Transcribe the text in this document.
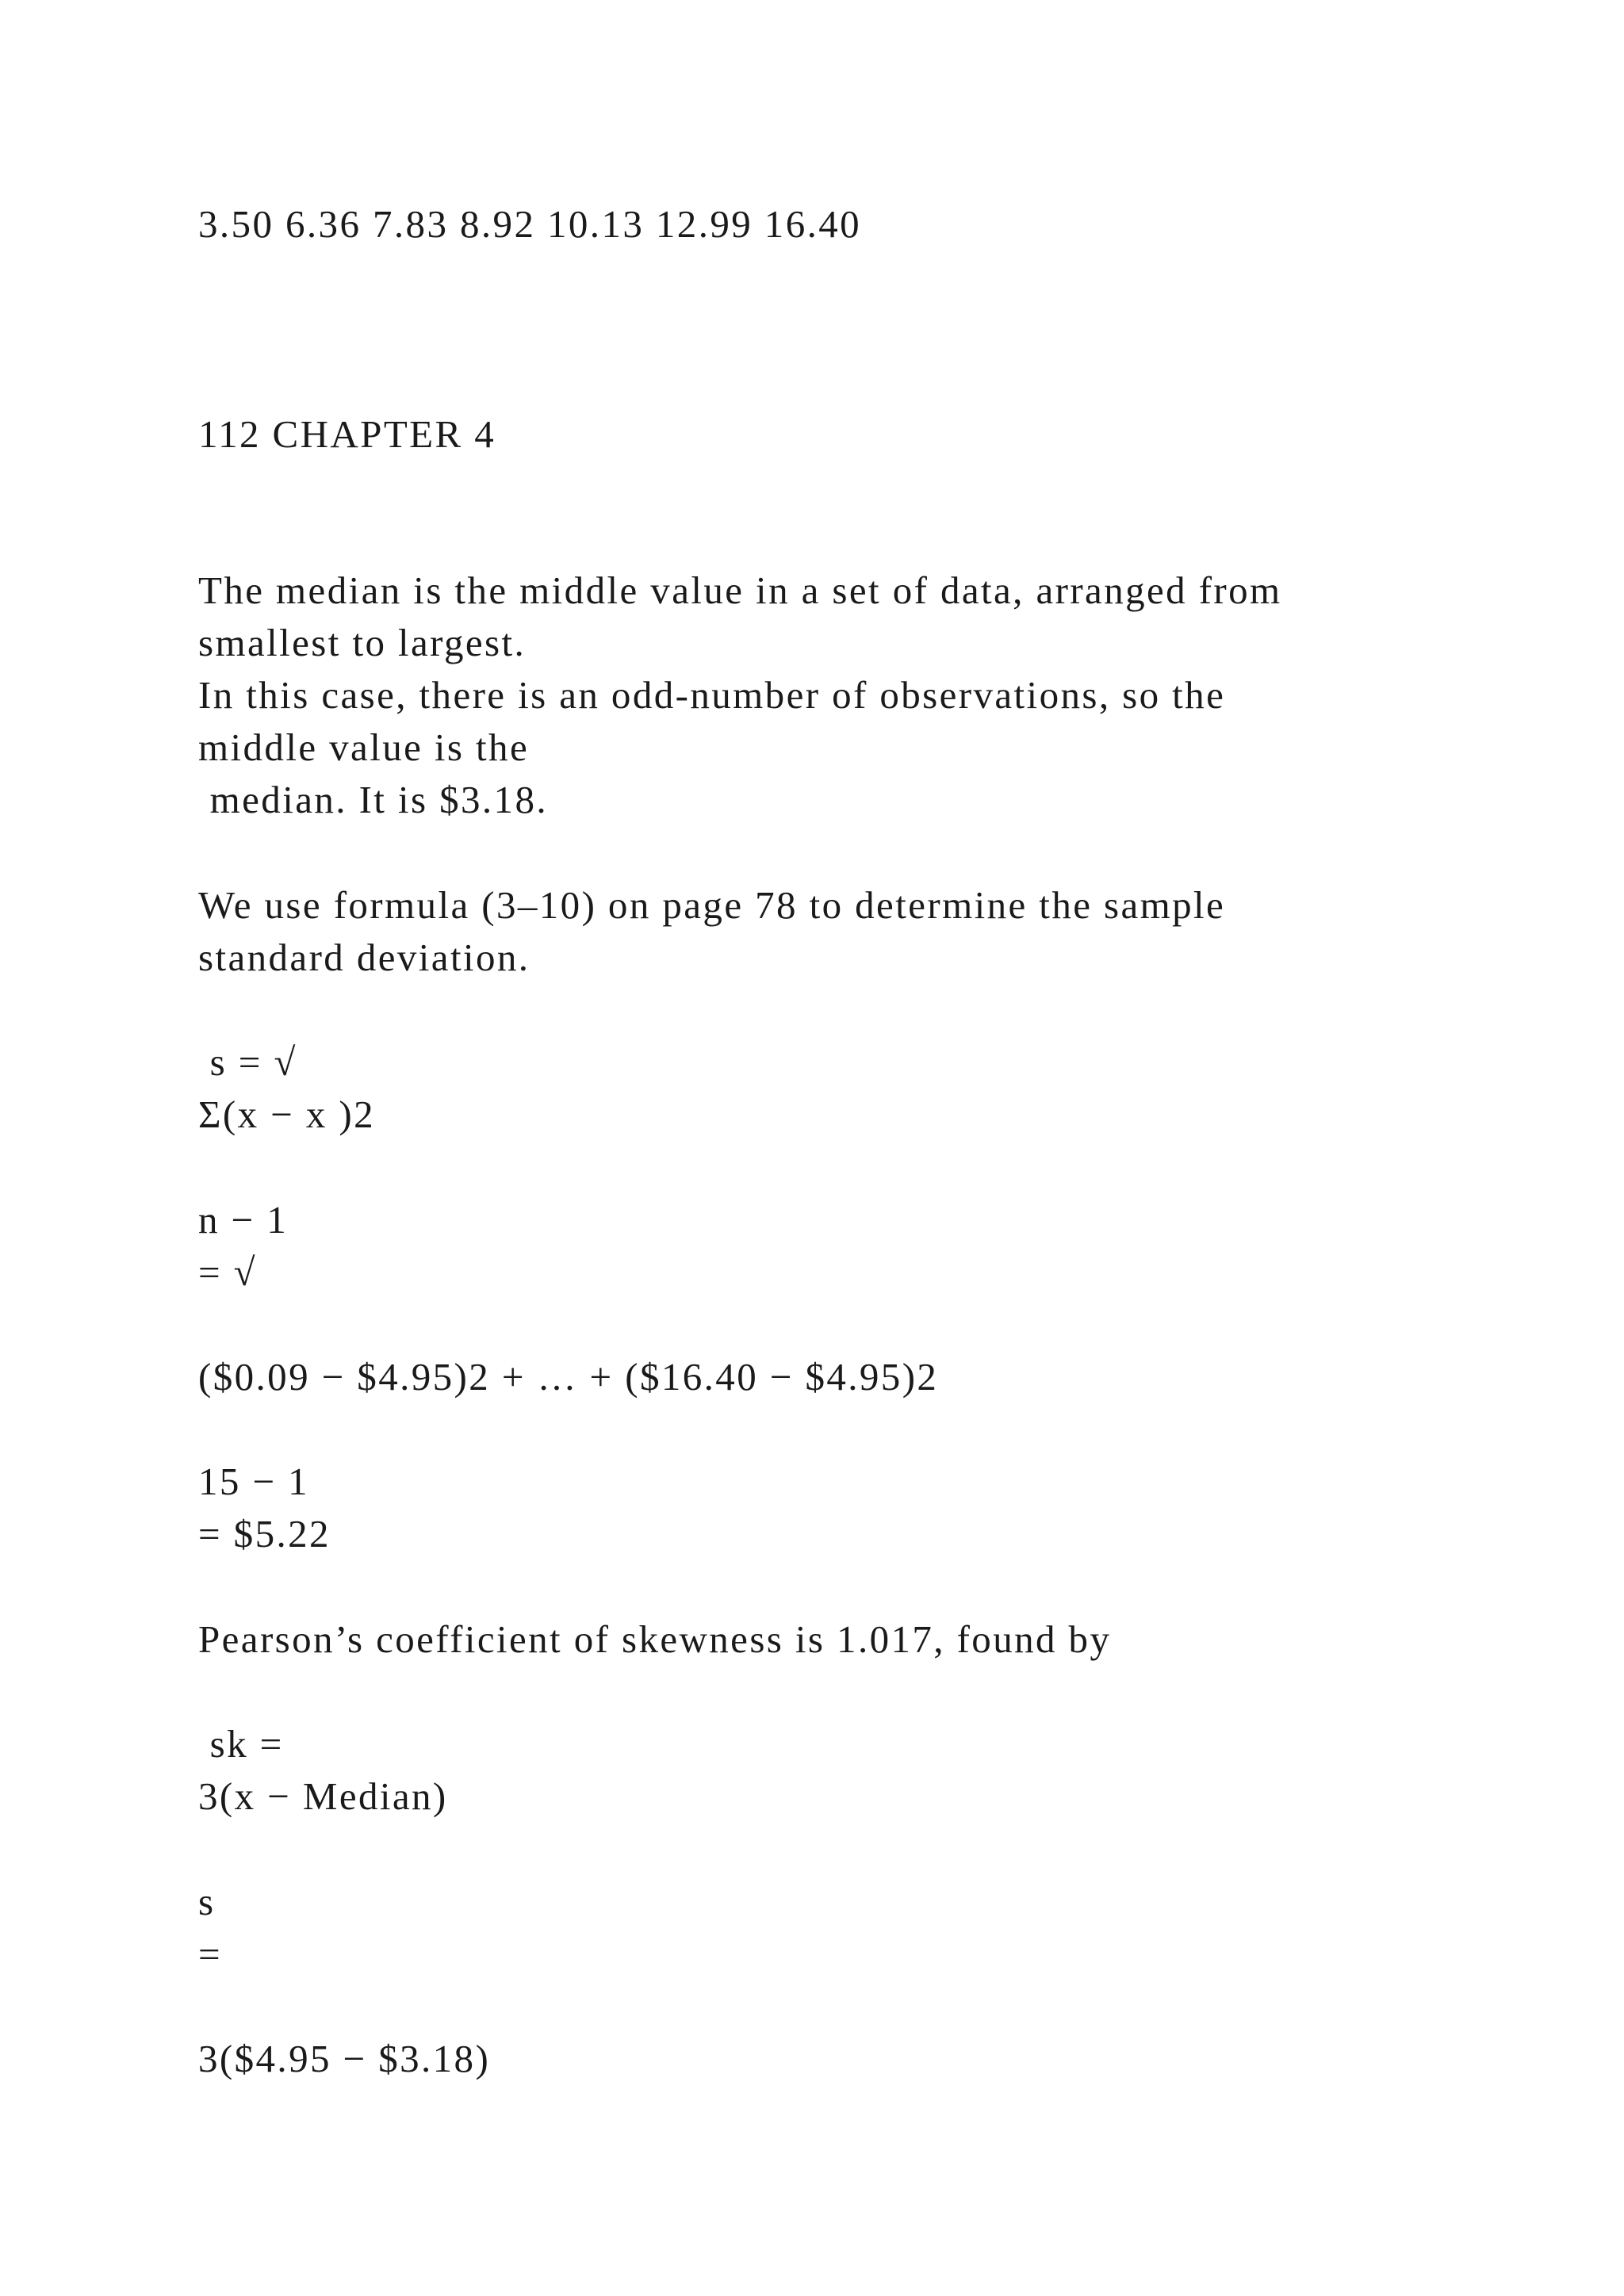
3.50 6.36 7.83 8.92 10.13 12.99 16.40
112 CHAPTER 4
The median is the middle value in a set of data, arranged from
smallest to largest.
In this case, there is an odd-number of observations, so the
middle value is the
median. It is $3.18.
We use formula (3–10) on page 78 to determine the sample
standard deviation.
s = √
Σ(x − x )2
n − 1
= √
($0.09 − $4.95)2 + … + ($16.40 − $4.95)2
15 − 1
= $5.22
Pearson’s coefficient of skewness is 1.017, found by
sk =
3(x − Median)
s
=
3($4.95 − $3.18)
